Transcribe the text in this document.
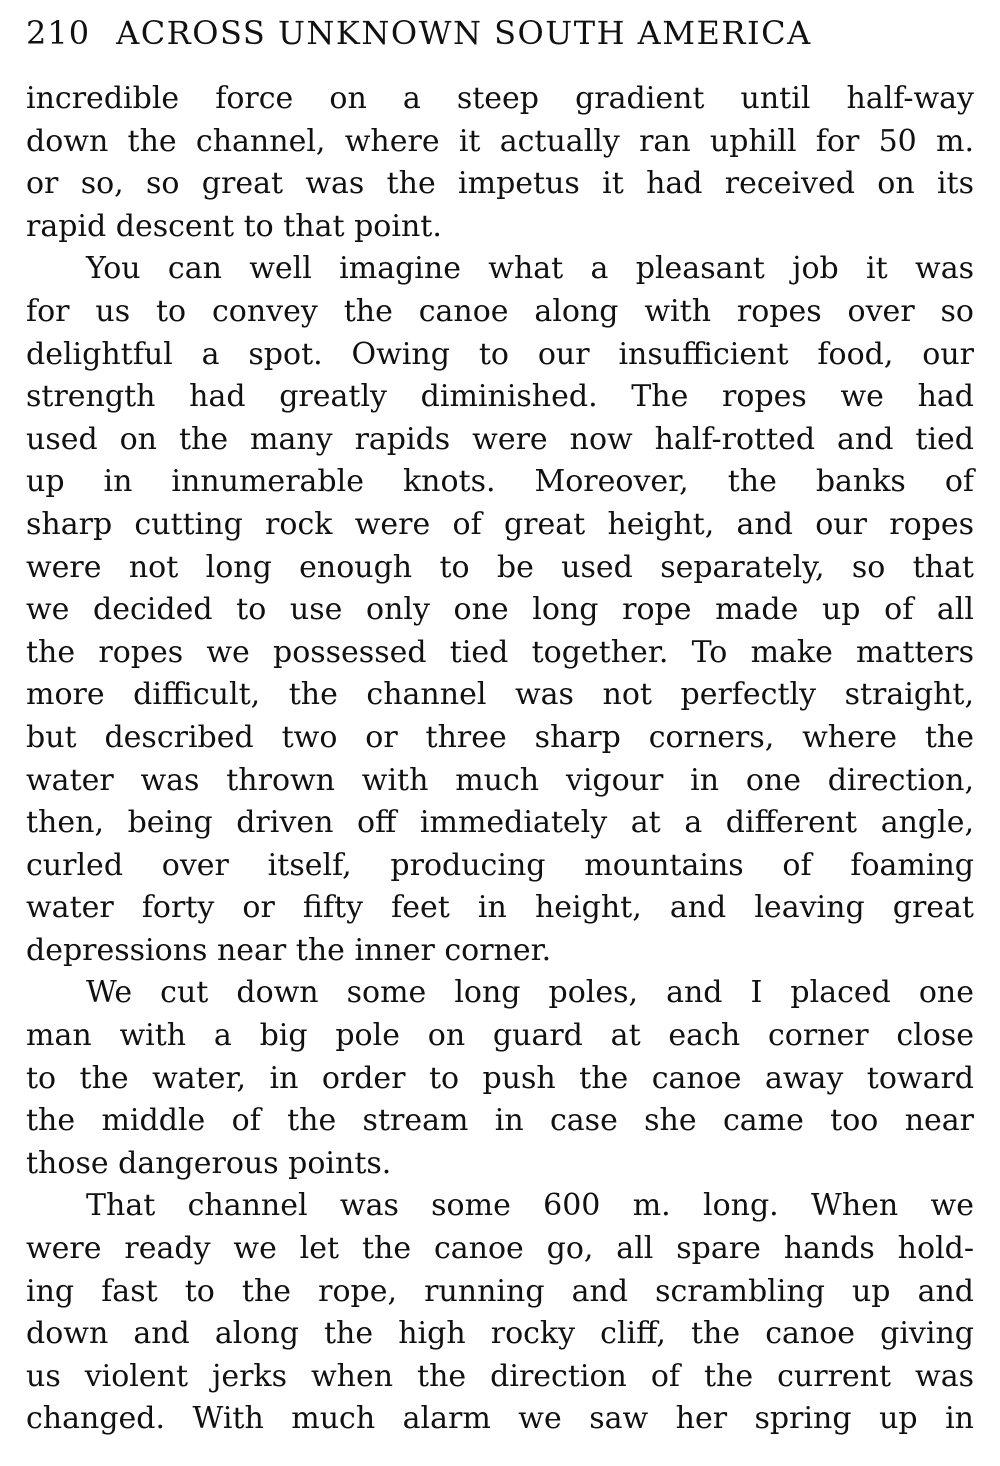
210 ACROSS UNKNOWN SOUTH AMERICA
incredible force on a steep gradient until half-way
down the channel, where it actually ran uphill for 50 m.
or so, so great was the impetus it had received on its
rapid descent to that point.
You can well imagine what a pleasant job it was
for us to convey the canoe along with ropes over so
delightful a spot. Owing to our insufficient food, our
strength had greatly diminished. The ropes we had
used on the many rapids were now half-rotted and tied
up in innumerable knots. Moreover, the banks of
sharp cutting rock were of great height, and our ropes
were not long enough to be used separately, so that
we decided to use only one long rope made up of all
the ropes we possessed tied together. To make matters
more difficult, the channel was not perfectly straight,
but described two or three sharp corners, where the
water was thrown with much vigour in one direction,
then, being driven off immediately at a different angle,
curled over itself, producing mountains of foaming
water forty or fifty feet in height, and leaving great
depressions near the inner corner.
We cut down some long poles, and I placed one
man with a big pole on guard at each corner close
to the water, in order to push the canoe away toward
the middle of the stream in case she came too near
those dangerous points.
That channel was some 600 m. long. When we
were ready we let the canoe go, all spare hands hold-
ing fast to the rope, running and scrambling up and
down and along the high rocky cliff, the canoe giving
us violent jerks when the direction of the current was
changed. With much alarm we saw her spring up in
